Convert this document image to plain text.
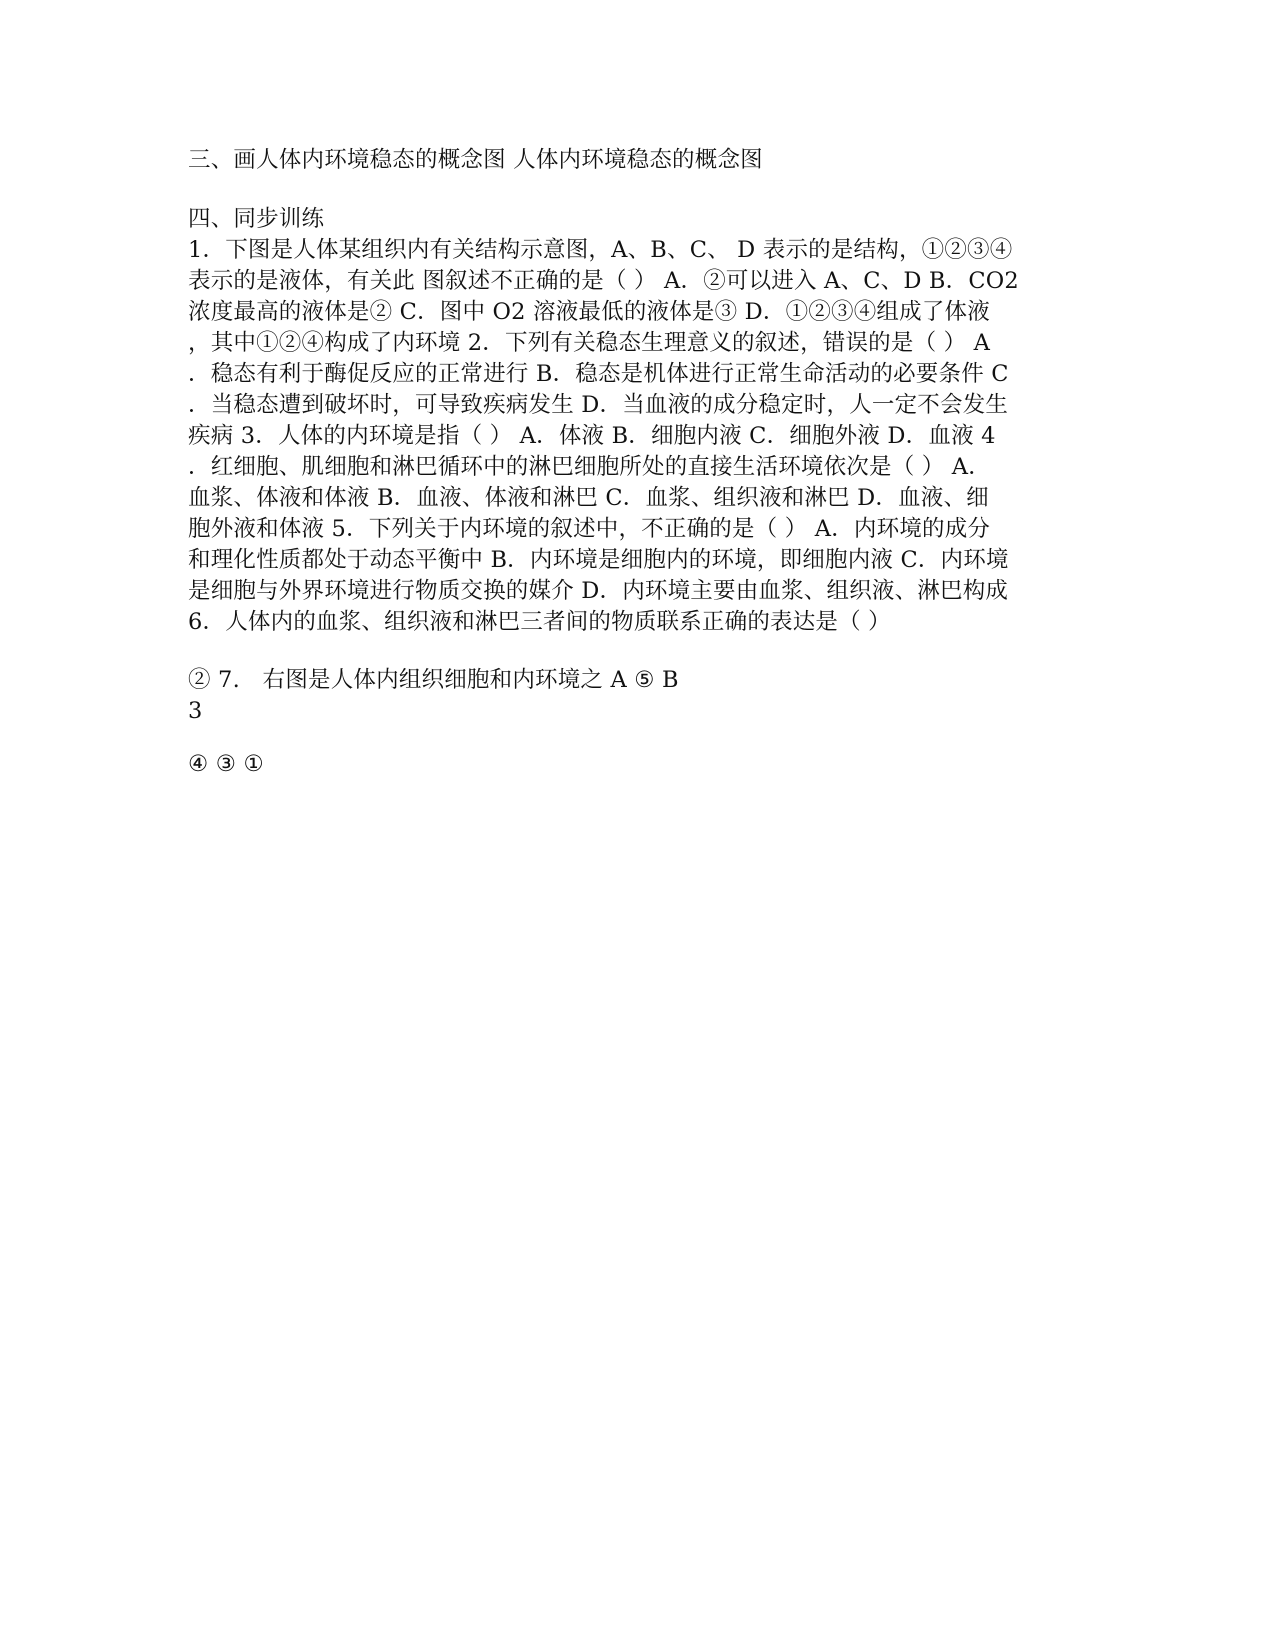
三、画人体内环境稳态的概念图 人体内环境稳态的概念图
四、同步训练
1．下图是人体某组织内有关结构示意图，A、B、C、 D 表示的是结构，①②③④
表示的是液体，有关此 图叙述不正确的是（ ） A．②可以进入 A、C、D B．CO2
浓度最高的液体是② C．图中 O2 溶液最低的液体是③ D．①②③④组成了体液
，其中①②④构成了内环境 2．下列有关稳态生理意义的叙述，错误的是（ ） A
．稳态有利于酶促反应的正常进行 B．稳态是机体进行正常生命活动的必要条件 C
．当稳态遭到破坏时，可导致疾病发生 D．当血液的成分稳定时，人一定不会发生
疾病 3．人体的内环境是指（ ） A．体液 B．细胞内液 C．细胞外液 D．血液 4
．红细胞、肌细胞和淋巴循环中的淋巴细胞所处的直接生活环境依次是（ ） A．
血浆、体液和体液 B．血液、体液和淋巴 C．血浆、组织液和淋巴 D．血液、细
胞外液和体液 5．下列关于内环境的叙述中，不正确的是（ ） A．内环境的成分
和理化性质都处于动态平衡中 B．内环境是细胞内的环境，即细胞内液 C．内环境
是细胞与外界环境进行物质交换的媒介 D．内环境主要由血浆、组织液、淋巴构成
6．人体内的血浆、组织液和淋巴三者间的物质联系正确的表达是（ ）
② 7.　右图是人体内组织细胞和内环境之 A ⑤ B
3
④ ③ ①
